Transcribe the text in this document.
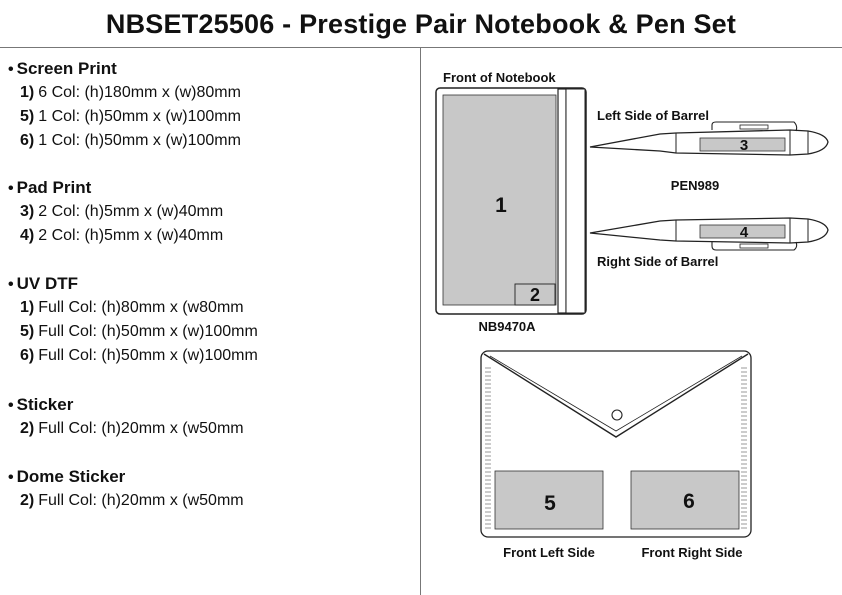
NBSET25506 - Prestige Pair Notebook & Pen Set
• Screen Print
1) 6 Col: (h)180mm x (w)80mm
5) 1 Col: (h)50mm x (w)100mm
6) 1 Col: (h)50mm x (w)100mm
• Pad Print
3) 2 Col: (h)5mm x (w)40mm
4) 2 Col: (h)5mm x (w)40mm
• UV DTF
1) Full Col: (h)80mm x (w80mm
5) Full Col: (h)50mm x (w)100mm
6) Full Col: (h)50mm x (w)100mm
• Sticker
2) Full Col: (h)20mm x (w50mm
• Dome Sticker
2) Full Col: (h)20mm x (w50mm
Front of Notebook
1
2
NB9470A
Left Side of Barrel
3
PEN989
4
Right Side of Barrel
5	6
Front Left Side	Front Right Side
